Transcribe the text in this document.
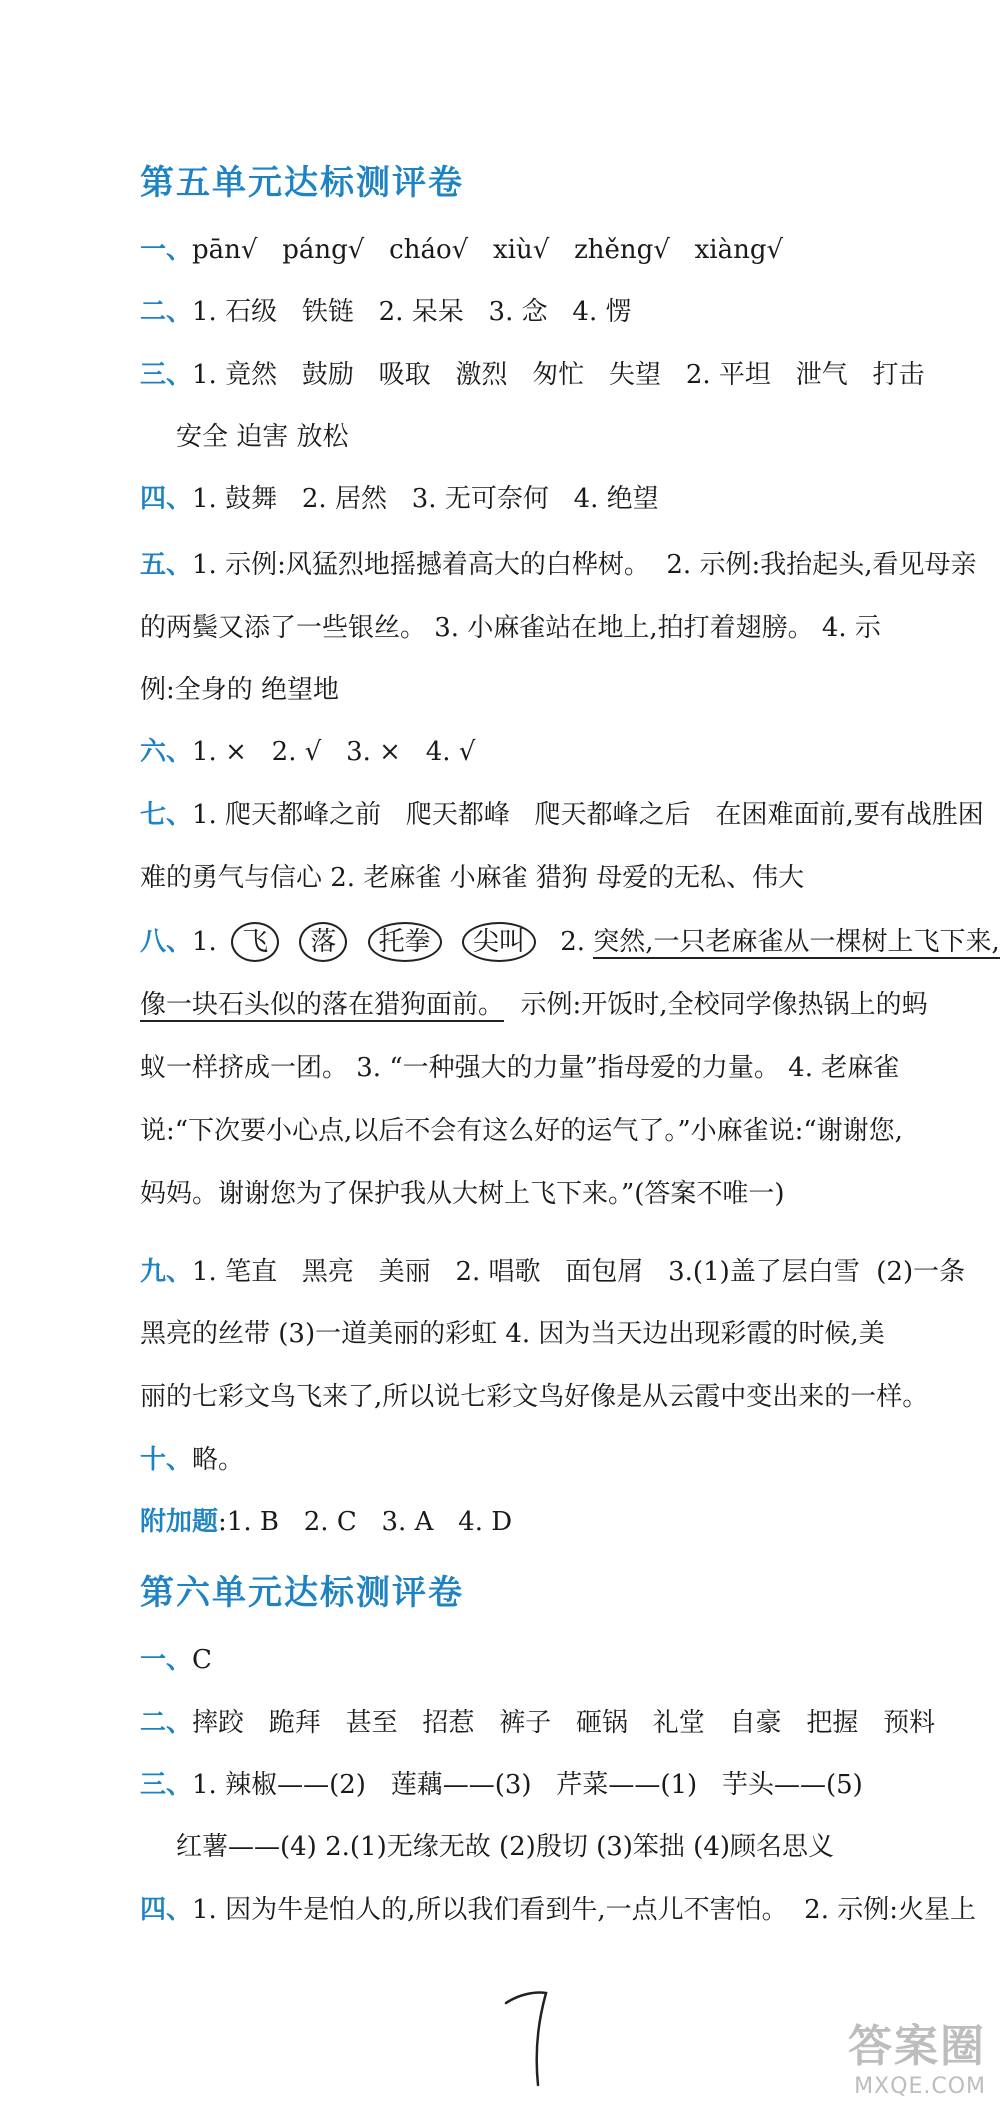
第五单元达标测评卷
一、pān√   páng√   cháo√   xiù√   zhěng√   xiàng√
二、1. 石级   铁链   2. 呆呆   3. 念   4. 愣
三、1. 竟然   鼓励   吸取   激烈   匆忙   失望   2. 平坦   泄气   打击
安全 迫害 放松
四、1. 鼓舞   2. 居然   3. 无可奈何   4. 绝望
五、1. 示例:风猛烈地摇撼着高大的白桦树。  2. 示例:我抬起头,看见母亲
的两鬓又添了一些银丝。 3. 小麻雀站在地上,拍打着翅膀。 4. 示
例:全身的 绝望地
六、1. ×   2. √   3. ×   4. √
七、1. 爬天都峰之前   爬天都峰   爬天都峰之后   在困难面前,要有战胜困
难的勇气与信心 2. 老麻雀 小麻雀 猎狗 母爱的无私、伟大
八、1. 飞 落 托拳 尖叫 2. 突然,一只老麻雀从一棵树上飞下来,
像一块石头似的落在猎狗面前。  示例:开饭时,全校同学像热锅上的蚂
蚁一样挤成一团。 3. “一种强大的力量”指母爱的力量。 4. 老麻雀
说:“下次要小心点,以后不会有这么好的运气了。”小麻雀说:“谢谢您,
妈妈。谢谢您为了保护我从大树上飞下来。”(答案不唯一)
九、1. 笔直   黑亮   美丽   2. 唱歌   面包屑   3.(1)盖了层白雪  (2)一条
黑亮的丝带 (3)一道美丽的彩虹 4. 因为当天边出现彩霞的时候,美
丽的七彩文鸟飞来了,所以说七彩文鸟好像是从云霞中变出来的一样。
十、略。
附加题:1. B   2. C   3. A   4. D
第六单元达标测评卷
一、C
二、摔跤   跪拜   甚至   招惹   裤子   砸锅   礼堂   自豪   把握   预料
三、1. 辣椒——(2)   莲藕——(3)   芹菜——(1)   芋头——(5)
红薯——(4) 2.(1)无缘无故 (2)殷切 (3)笨拙 (4)顾名思义
四、1. 因为牛是怕人的,所以我们看到牛,一点儿不害怕。  2. 示例:火星上
答案圈
MXQE.COM
